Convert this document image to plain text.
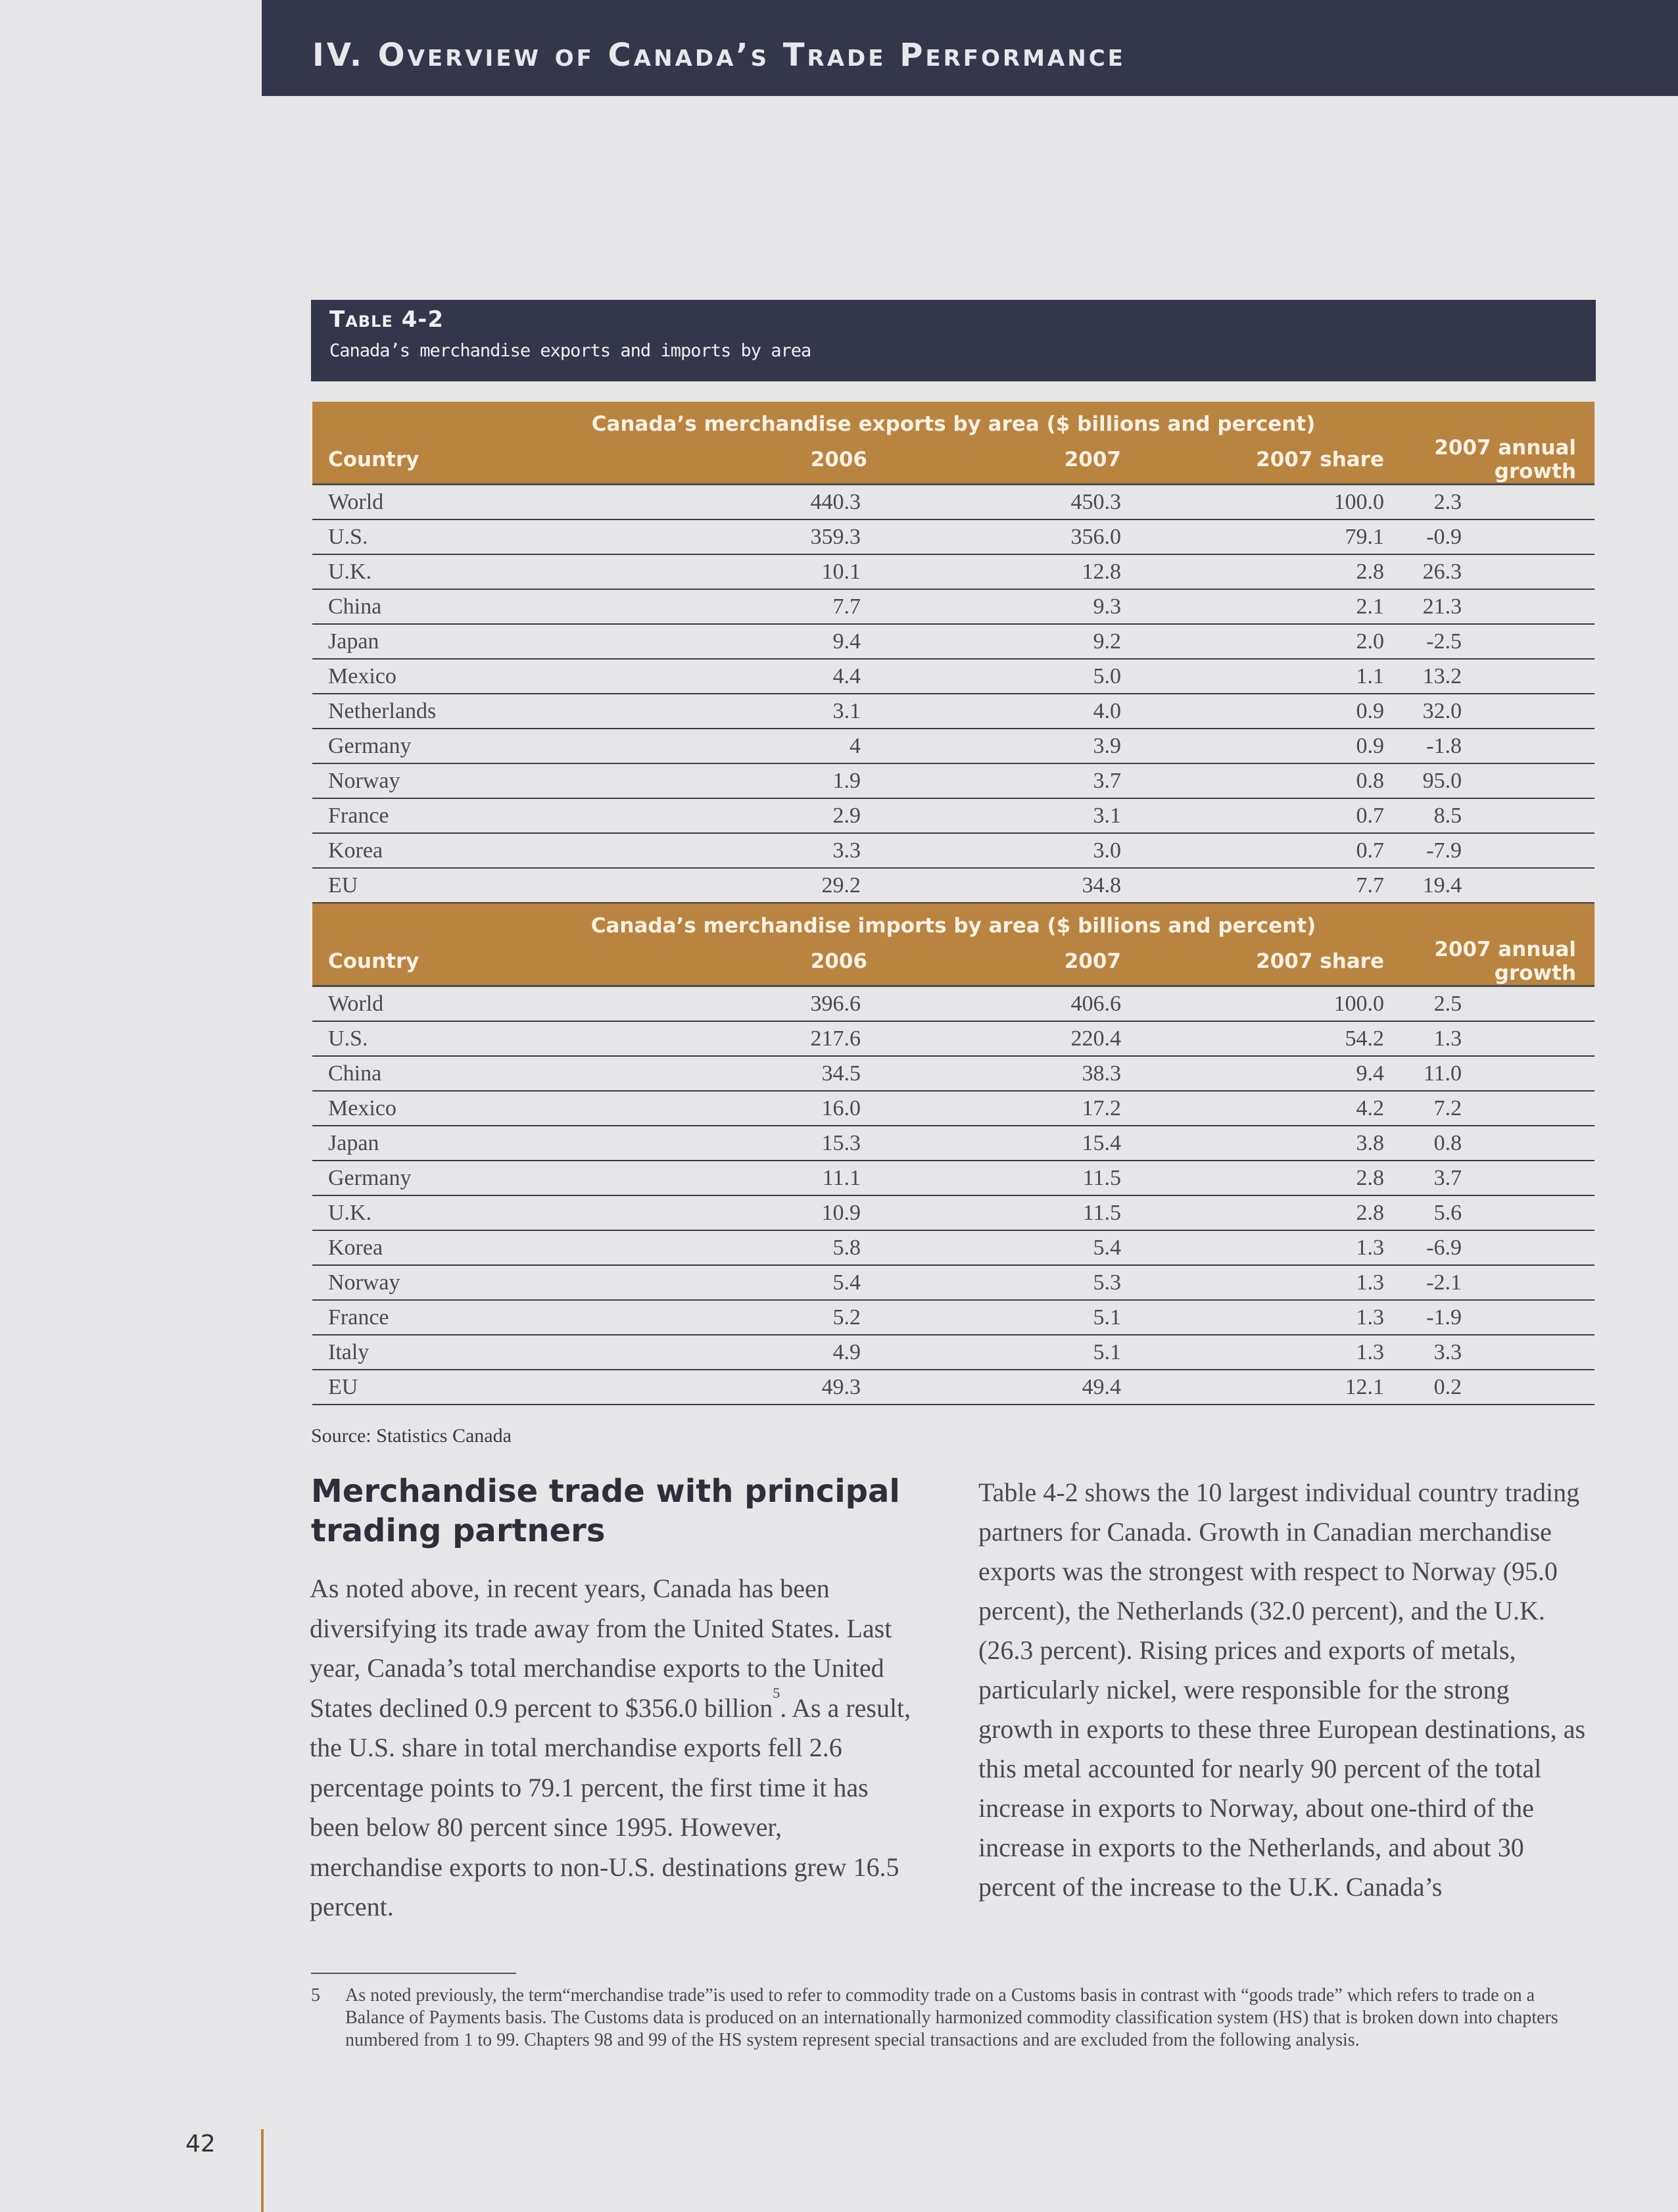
IV. Overview of Canada’s Trade Performance
Table 4-2
Canada’s merchandise exports and imports by area
Canada’s merchandise exports by area ($ billions and percent)				
Country	2006	2007	2007 share	2007 annual growth
World	440.3	450.3	100.0	2.3
U.S.	359.3	356.0	79.1	-0.9
U.K.	10.1	12.8	2.8	26.3
China	7.7	9.3	2.1	21.3
Japan	9.4	9.2	2.0	-2.5
Mexico	4.4	5.0	1.1	13.2
Netherlands	3.1	4.0	0.9	32.0
Germany	4	3.9	0.9	-1.8
Norway	1.9	3.7	0.8	95.0
France	2.9	3.1	0.7	8.5
Korea	3.3	3.0	0.7	-7.9
EU	29.2	34.8	7.7	19.4
Canada’s merchandise imports by area ($ billions and percent)				
Country	2006	2007	2007 share	2007 annual growth
World	396.6	406.6	100.0	2.5
U.S.	217.6	220.4	54.2	1.3
China	34.5	38.3	9.4	11.0
Mexico	16.0	17.2	4.2	7.2
Japan	15.3	15.4	3.8	0.8
Germany	11.1	11.5	2.8	3.7
U.K.	10.9	11.5	2.8	5.6
Korea	5.8	5.4	1.3	-6.9
Norway	5.4	5.3	1.3	-2.1
France	5.2	5.1	1.3	-1.9
Italy	4.9	5.1	1.3	3.3
EU	49.3	49.4	12.1	0.2
Source: Statistics Canada
Merchandise trade with principal trading partners

As noted above, in recent years, Canada has been diversifying its trade away from the United States. Last year, Canada’s total merchandise exports to the United States declined 0.9 percent to $356.0 billion$^5$. As a result, the U.S. share in total merchandise exports fell 2.6 percentage points to 79.1 percent, the first time it has been below 80 percent since 1995. However, merchandise exports to non-U.S. destinations grew 16.5 percent.

Table 4-2 shows the 10 largest individual country trading partners for Canada. Growth in Canadian merchandise exports was the strongest with respect to Norway (95.0 percent), the Netherlands (32.0 percent), and the U.K. (26.3 percent). Rising prices and exports of metals, particularly nickel, were responsible for the strong growth in exports to these three European destinations, as this metal accounted for nearly 90 percent of the total increase in exports to Norway, about one-third of the increase in exports to the Netherlands, and about 30 percent of the increase to the U.K. Canada’s

5 As noted previously, the term“merchandise trade”is used to refer to commodity trade on a Customs basis in contrast with “goods trade” which refers to trade on a Balance of Payments basis. The Customs data is produced on an internationally harmonized commodity classification system (HS) that is broken down into chapters numbered from 1 to 99. Chapters 98 and 99 of the HS system represent special transactions and are excluded from the following analysis.
42
